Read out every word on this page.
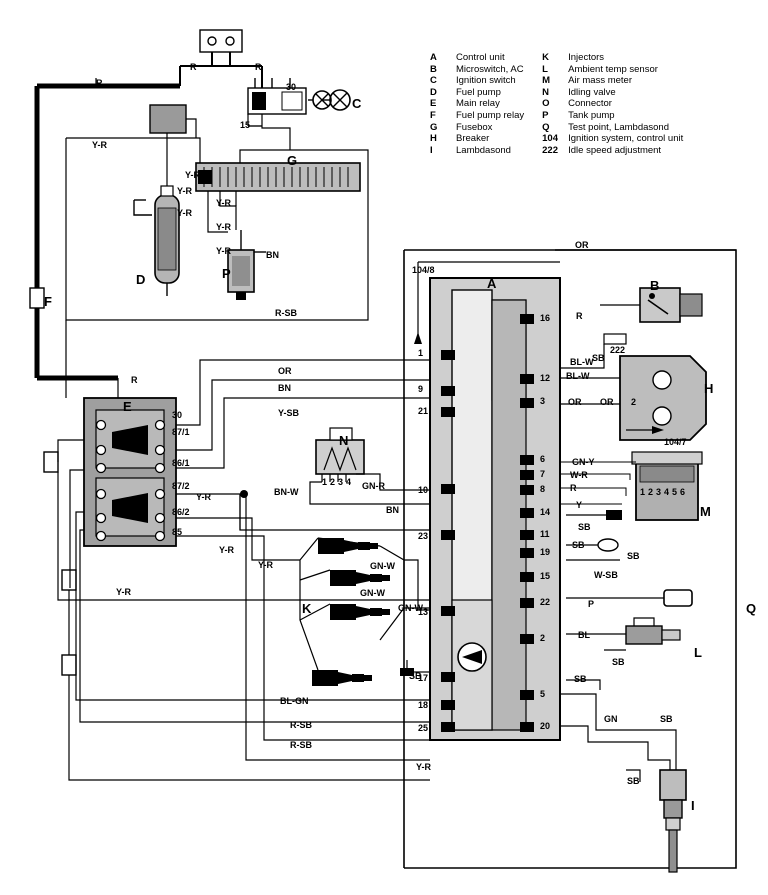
A	Control unit	K	Injectors
B	Microswitch, AC	L	Ambient temp sensor
C	Ignition switch	M	Air mass meter
D	Fuel pump	N	Idling valve
E	Main relay	O	Connector
F	Fuel pump relay	P	Tank pump
G	Fusebox	Q	Test point, Lambdasond
H	Breaker	104	Ignition system, control unit
I	Lambdasond	222	Idle speed adjustment
A	B
C
D
E
F
G
H
I
K
L
M
N
P
Q
1
9
21
10
23
13
17
18
25
16
12
3
6
7
8
14
11
19
15
22
2
5
20
R
R	R
30
15
Y-R
Y-R
Y-R
Y-R
Y-R
Y-R
Y-R
BN
R-SB
OR
BN
Y-SB
R
30
87/1
86/1
87/2
86/2
85
Y-R	BN-W
BN
GN-R
Y-R
Y-R
Y-R	GN-W
GN-W
GN-W
SB
BL-GN
R-SB
R-SB
Y-R
OR
104/8
R
BL-W
BL-W
222
SB
OR OR 2
104/7
GN-Y
W-R
R
Y
SB
SB
SB
W-SB
P
BL
SB
SB
GN	SB
SB
1 2 3 4 5 6
1 2 3 4
